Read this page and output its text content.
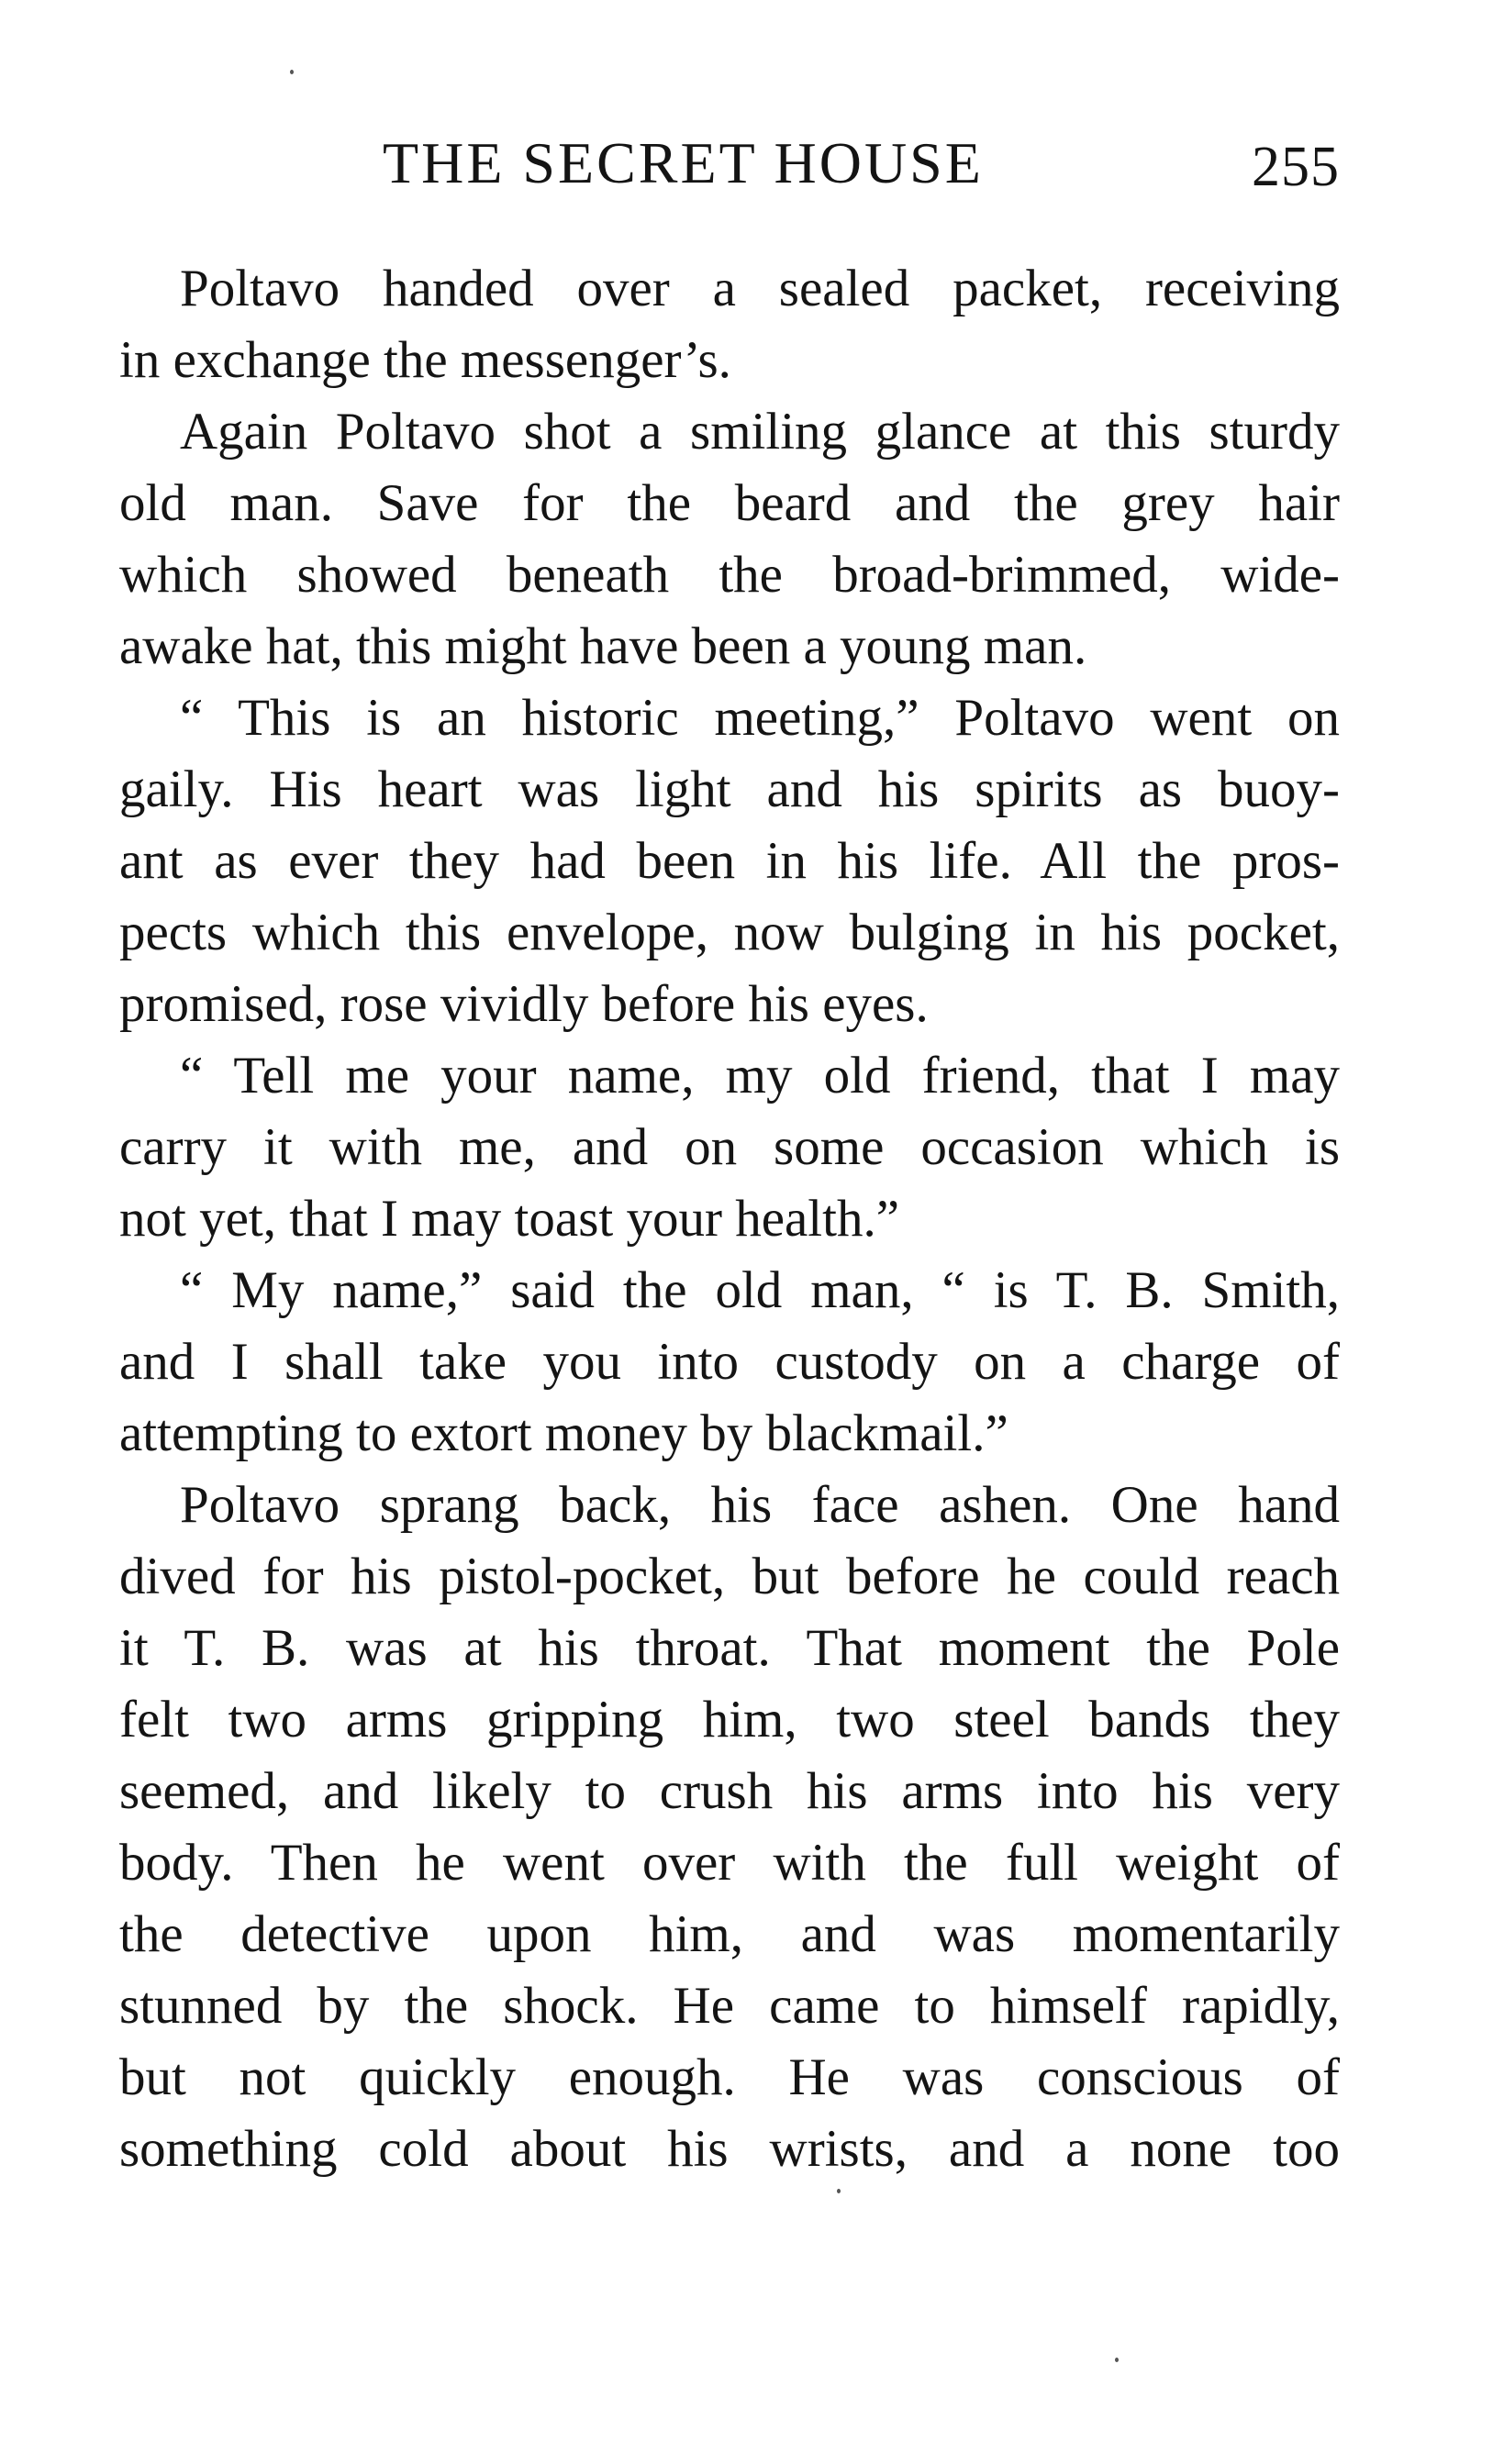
THE SECRET HOUSE	255
Poltavo handed over a sealed packet, receiving
in exchange the messenger’s.
Again Poltavo shot a smiling glance at this sturdy
old man. Save for the beard and the grey hair
which showed beneath the broad-brimmed, wide-
awake hat, this might have been a young man.
“ This is an historic meeting,” Poltavo went on
gaily. His heart was light and his spirits as buoy-
ant as ever they had been in his life. All the pros-
pects which this envelope, now bulging in his pocket,
promised, rose vividly before his eyes.
“ Tell me your name, my old friend, that I may
carry it with me, and on some occasion which is
not yet, that I may toast your health.”
“ My name,” said the old man, “ is T. B. Smith,
and I shall take you into custody on a charge of
attempting to extort money by blackmail.”
Poltavo sprang back, his face ashen. One hand
dived for his pistol-pocket, but before he could reach
it T. B. was at his throat. That moment the Pole
felt two arms gripping him, two steel bands they
seemed, and likely to crush his arms into his very
body. Then he went over with the full weight of
the detective upon him, and was momentarily
stunned by the shock. He came to himself rapidly,
but not quickly enough. He was conscious of
something cold about his wrists, and a none too
